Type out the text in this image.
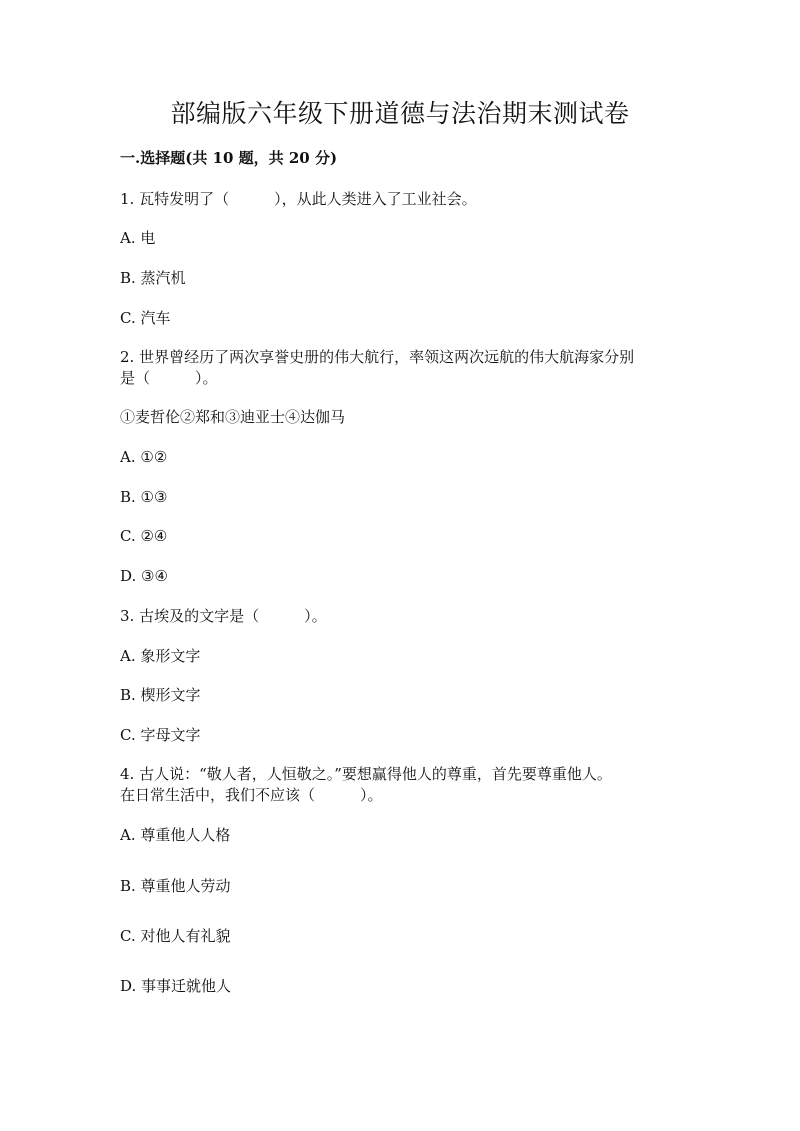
部编版六年级下册道德与法治期末测试卷

一.选择题(共 10 题，共 20 分)

1. 瓦特发明了（　　　），从此人类进入了工业社会。

A. 电

B. 蒸汽机

C. 汽车

2. 世界曾经历了两次享誉史册的伟大航行，率领这两次远航的伟大航海家分别

是（　　　）。

①麦哲伦②郑和③迪亚士④达伽马

A. ①②

B. ①③

C. ②④

D. ③④

3. 古埃及的文字是（　　　）。

A. 象形文字

B. 楔形文字

C. 字母文字

4. 古人说：“敬人者，人恒敬之。”要想赢得他人的尊重，首先要尊重他人。

在日常生活中，我们不应该（　　　）。

A. 尊重他人人格

B. 尊重他人劳动

C. 对他人有礼貌

D. 事事迁就他人
